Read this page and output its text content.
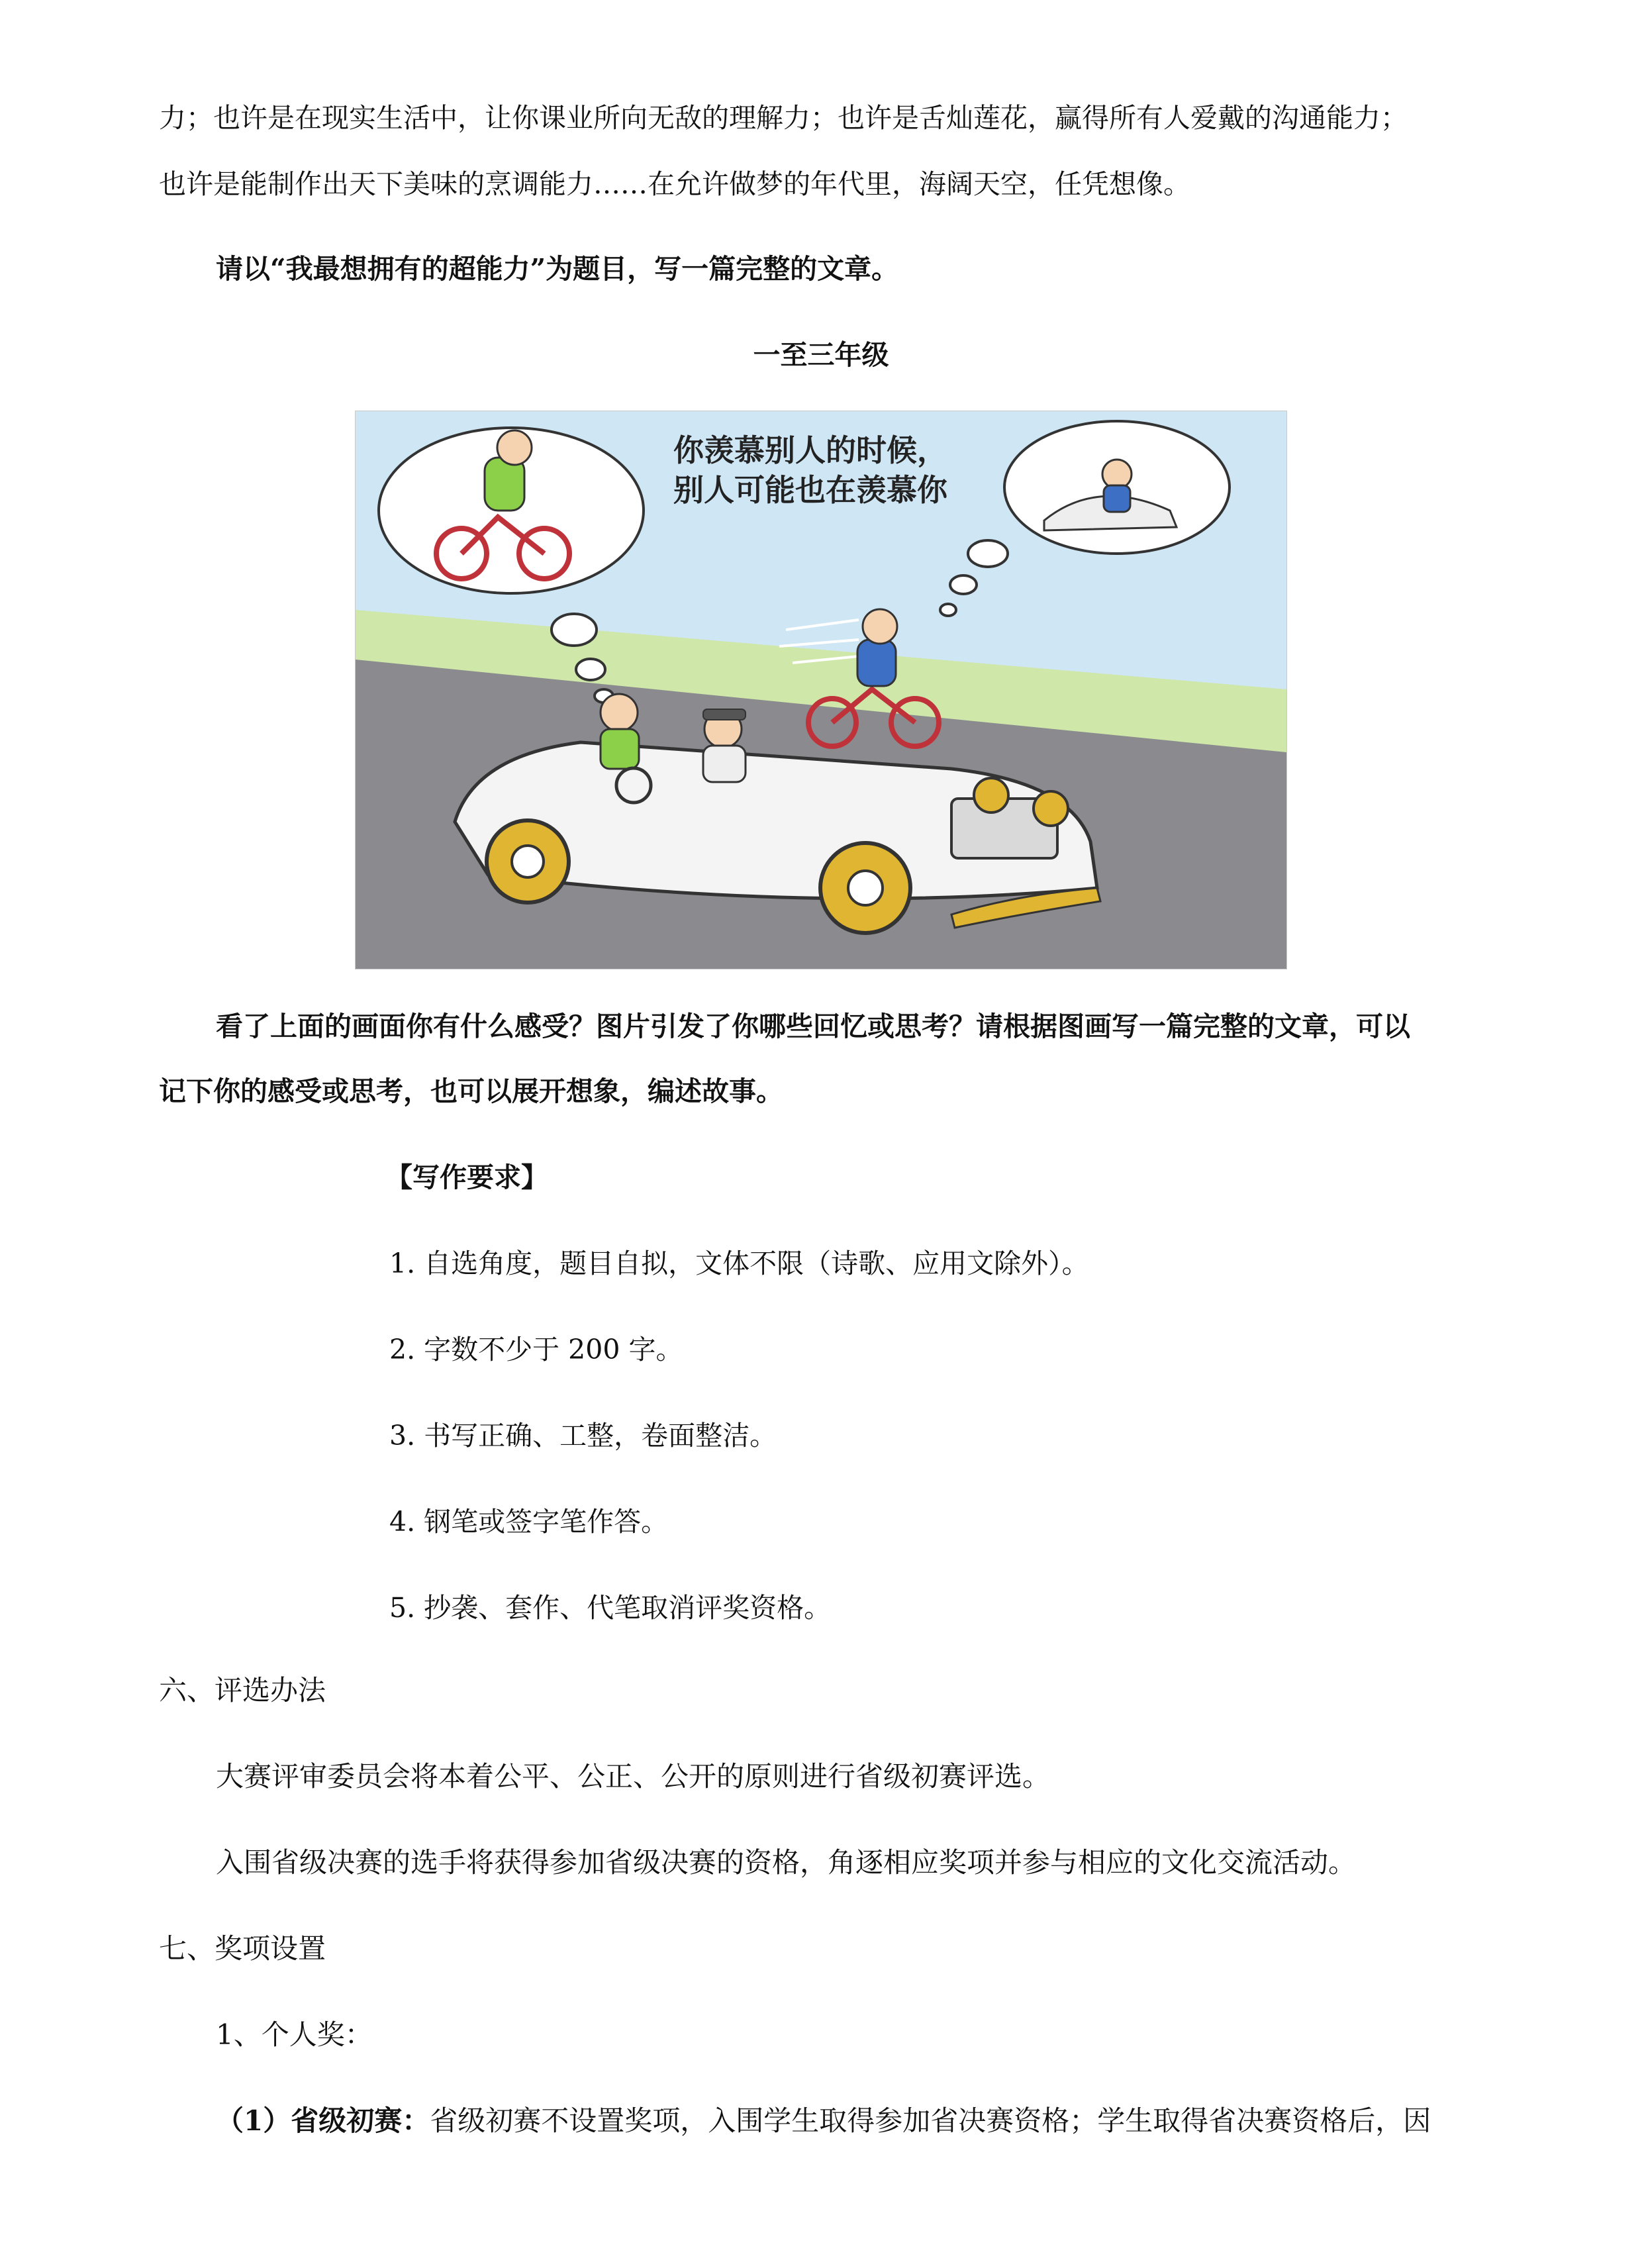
力；也许是在现实生活中，让你课业所向无敌的理解力；也许是舌灿莲花，赢得所有人爱戴的沟通能力；
也许是能制作出天下美味的烹调能力……在允许做梦的年代里，海阔天空，任凭想像。
请以“我最想拥有的超能力”为题目，写一篇完整的文章。
一至三年级
你羡慕别人的时候，
别人可能也在羡慕你
看了上面的画面你有什么感受？图片引发了你哪些回忆或思考？请根据图画写一篇完整的文章，可以
记下你的感受或思考，也可以展开想象，编述故事。
【写作要求】
1. 自选角度，题目自拟，文体不限（诗歌、应用文除外）。
2. 字数不少于 200 字。
3. 书写正确、工整，卷面整洁。
4. 钢笔或签字笔作答。
5. 抄袭、套作、代笔取消评奖资格。
六、评选办法
大赛评审委员会将本着公平、公正、公开的原则进行省级初赛评选。
入围省级决赛的选手将获得参加省级决赛的资格，角逐相应奖项并参与相应的文化交流活动。
七、奖项设置
1、个人奖：
（1）省级初赛：省级初赛不设置奖项，入围学生取得参加省决赛资格；学生取得省决赛资格后，因
